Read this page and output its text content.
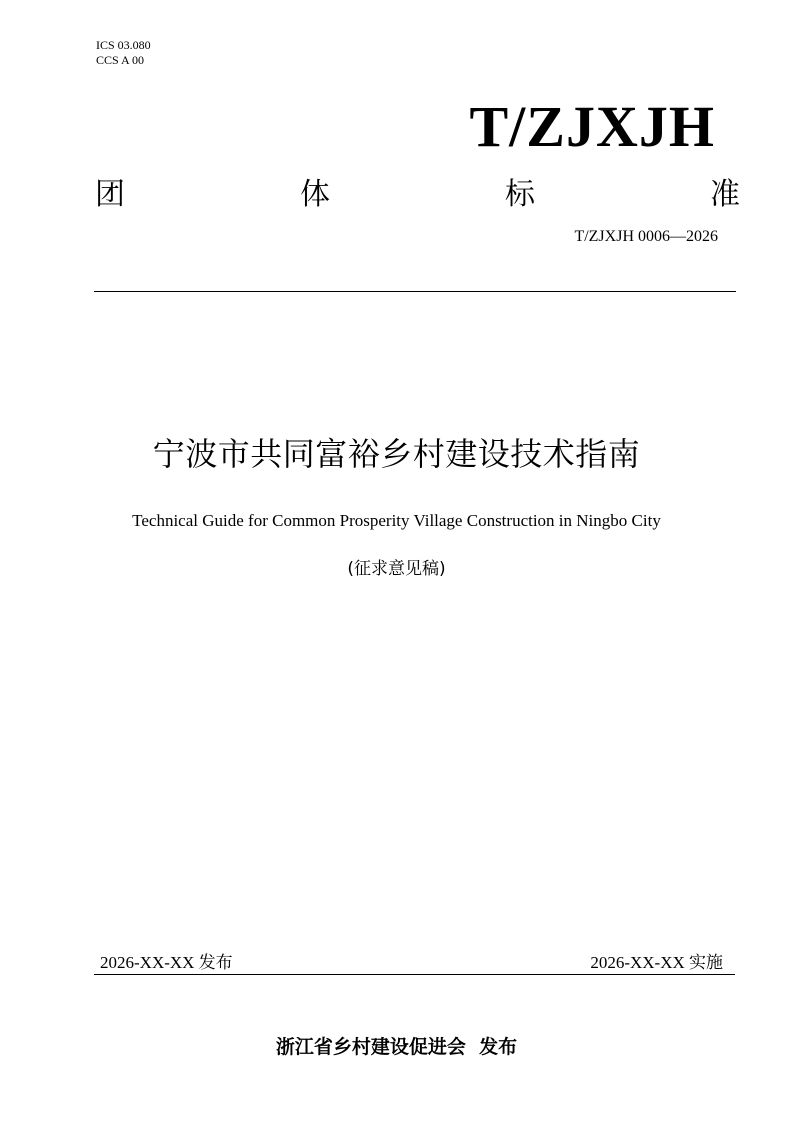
ICS 03.080
CCS A 00
T/ZJXJH
团	体	标	准
T/ZJXJH 0006—2026
宁波市共同富裕乡村建设技术指南
Technical Guide for Common Prosperity Village Construction in Ningbo City
(征求意见稿)
2026-XX-XX 发布	2026-XX-XX 实施
浙江省乡村建设促进会  发布
